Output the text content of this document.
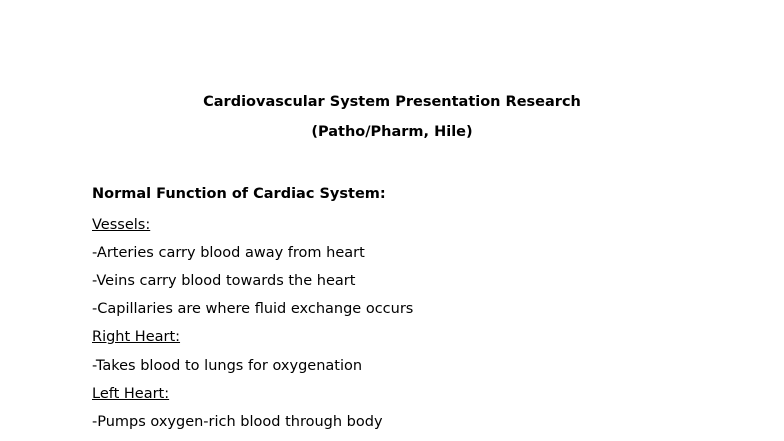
Cardiovascular System Presentation Research
(Patho/Pharm, Hile)
Normal Function of Cardiac System:
Vessels:
-Arteries carry blood away from heart
-Veins carry blood towards the heart
-Capillaries are where fluid exchange occurs
Right Heart:
-Takes blood to lungs for oxygenation
Left Heart:
-Pumps oxygen-rich blood through body
